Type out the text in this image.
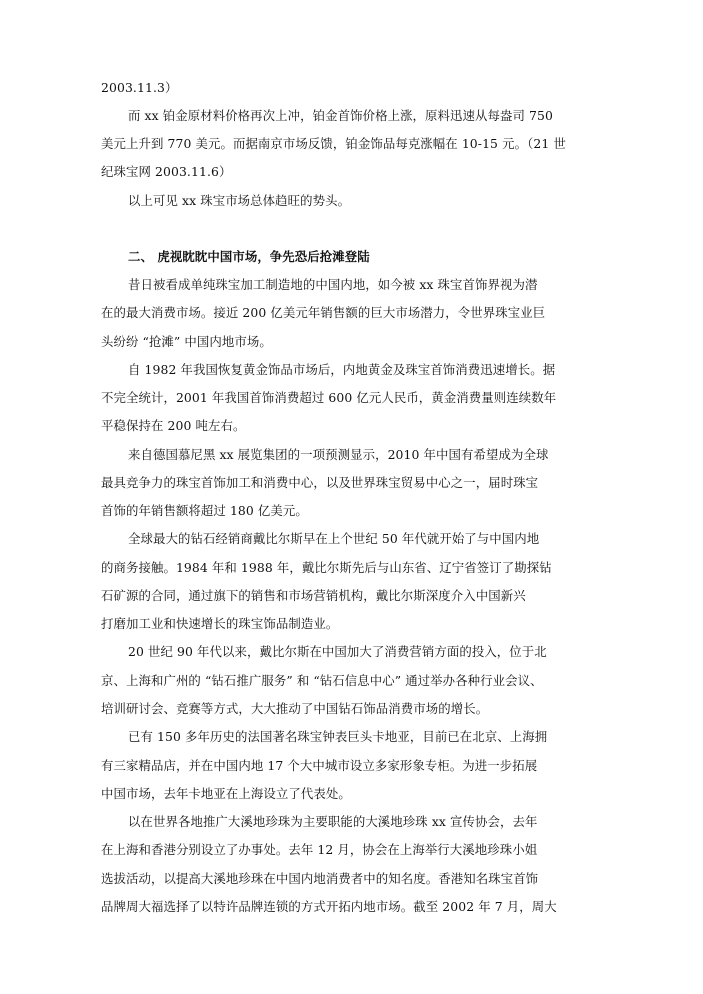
2003.11.3）
而 xx 铂金原材料价格再次上冲，铂金首饰价格上涨，原料迅速从每盎司 750
美元上升到 770 美元。而据南京市场反馈，铂金饰品每克涨幅在 10-15 元。（21 世
纪珠宝网 2003.11.6）
以上可见 xx 珠宝市场总体趋旺的势头。
二、 虎视眈眈中国市场，争先恐后抢滩登陆
昔日被看成单纯珠宝加工制造地的中国内地，如今被 xx 珠宝首饰界视为潜
在的最大消费市场。接近 200 亿美元年销售额的巨大市场潜力，令世界珠宝业巨
头纷纷 “抢滩” 中国内地市场。
自 1982 年我国恢复黄金饰品市场后，内地黄金及珠宝首饰消费迅速增长。据
不完全统计，2001 年我国首饰消费超过 600 亿元人民币，黄金消费量则连续数年
平稳保持在 200 吨左右。
来自德国慕尼黑 xx 展览集团的一项预测显示，2010 年中国有希望成为全球
最具竞争力的珠宝首饰加工和消费中心，以及世界珠宝贸易中心之一，届时珠宝
首饰的年销售额将超过 180 亿美元。
全球最大的钻石经销商戴比尔斯早在上个世纪 50 年代就开始了与中国内地
的商务接触。1984 年和 1988 年，戴比尔斯先后与山东省、辽宁省签订了勘探钻
石矿源的合同，通过旗下的销售和市场营销机构，戴比尔斯深度介入中国新兴
打磨加工业和快速增长的珠宝饰品制造业。
20 世纪 90 年代以来，戴比尔斯在中国加大了消费营销方面的投入，位于北
京、上海和广州的 “钻石推广服务” 和 “钻石信息中心” 通过举办各种行业会议、
培训研讨会、竞赛等方式，大大推动了中国钻石饰品消费市场的增长。
已有 150 多年历史的法国著名珠宝钟表巨头卡地亚，目前已在北京、上海拥
有三家精品店，并在中国内地 17 个大中城市设立多家形象专柜。为进一步拓展
中国市场，去年卡地亚在上海设立了代表处。
以在世界各地推广大溪地珍珠为主要职能的大溪地珍珠 xx 宣传协会，去年
在上海和香港分别设立了办事处。去年 12 月，协会在上海举行大溪地珍珠小姐
选拔活动，以提高大溪地珍珠在中国内地消费者中的知名度。香港知名珠宝首饰
品牌周大福选择了以特许品牌连锁的方式开拓内地市场。截至 2002 年 7 月，周大
